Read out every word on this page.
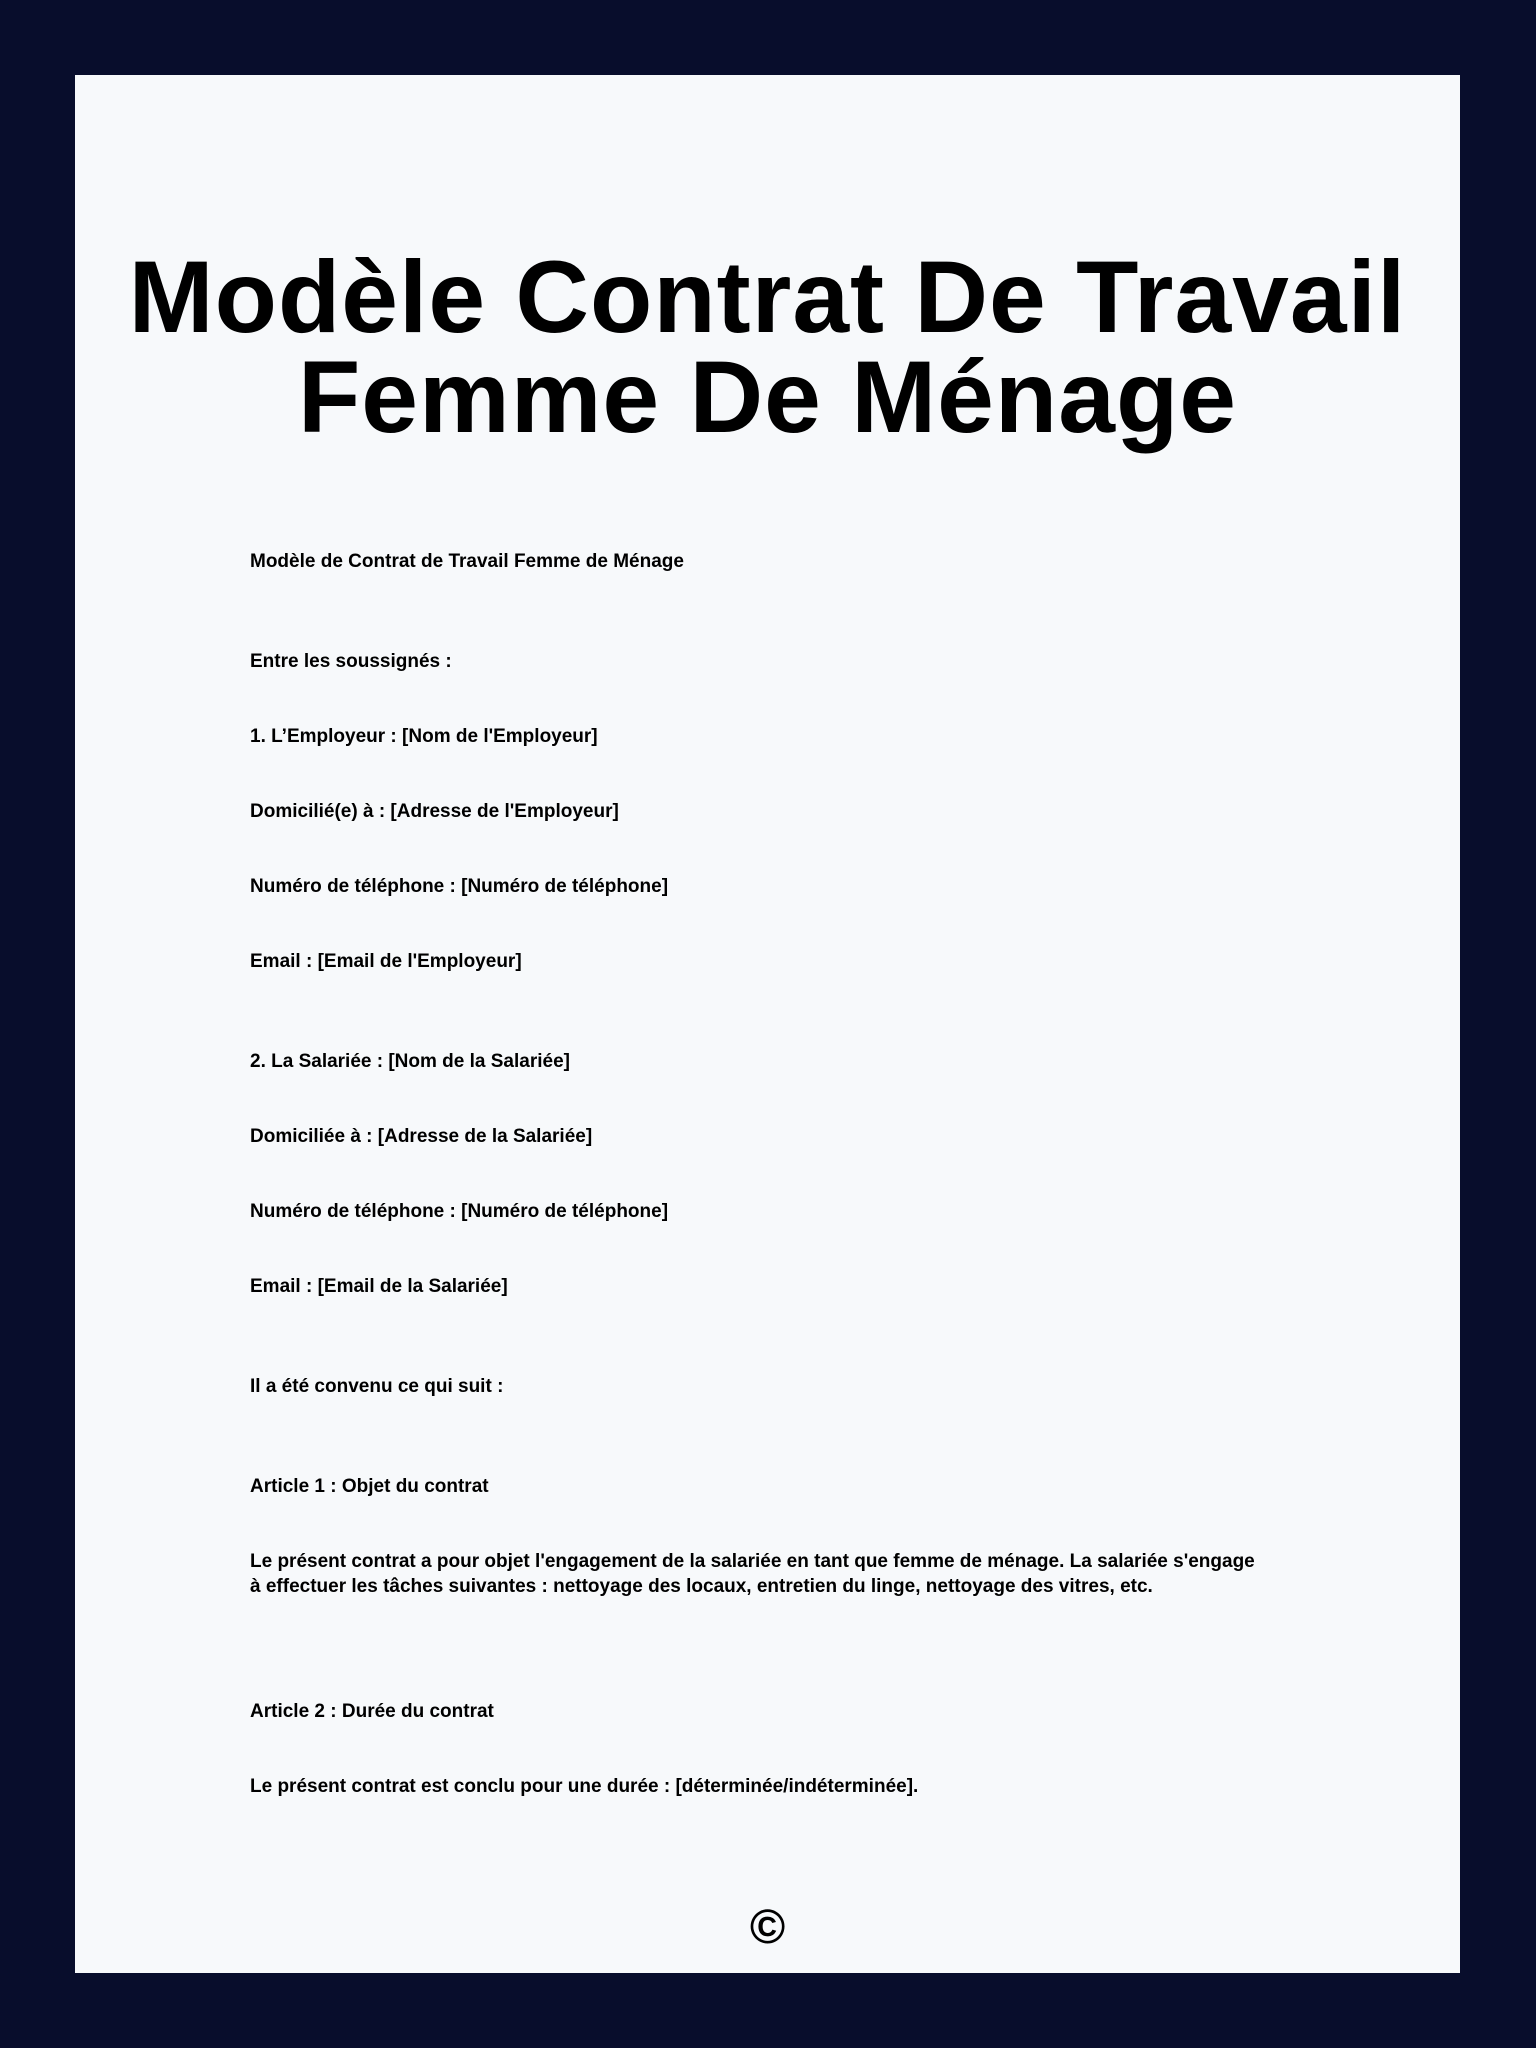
Modèle Contrat De Travail
Femme De Ménage

Modèle de Contrat de Travail Femme de Ménage

Entre les soussignés :

1. L’Employeur : [Nom de l'Employeur]

Domicilié(e) à : [Adresse de l'Employeur]

Numéro de téléphone : [Numéro de téléphone]

Email : [Email de l'Employeur]

2. La Salariée : [Nom de la Salariée]

Domiciliée à : [Adresse de la Salariée]

Numéro de téléphone : [Numéro de téléphone]

Email : [Email de la Salariée]

Il a été convenu ce qui suit :

Article 1 : Objet du contrat

Le présent contrat a pour objet l'engagement de la salariée en tant que femme de ménage. La salariée s'engage à effectuer les tâches suivantes : nettoyage des locaux, entretien du linge, nettoyage des vitres, etc.

Article 2 : Durée du contrat

Le présent contrat est conclu pour une durée : [déterminée/indéterminée].

©
